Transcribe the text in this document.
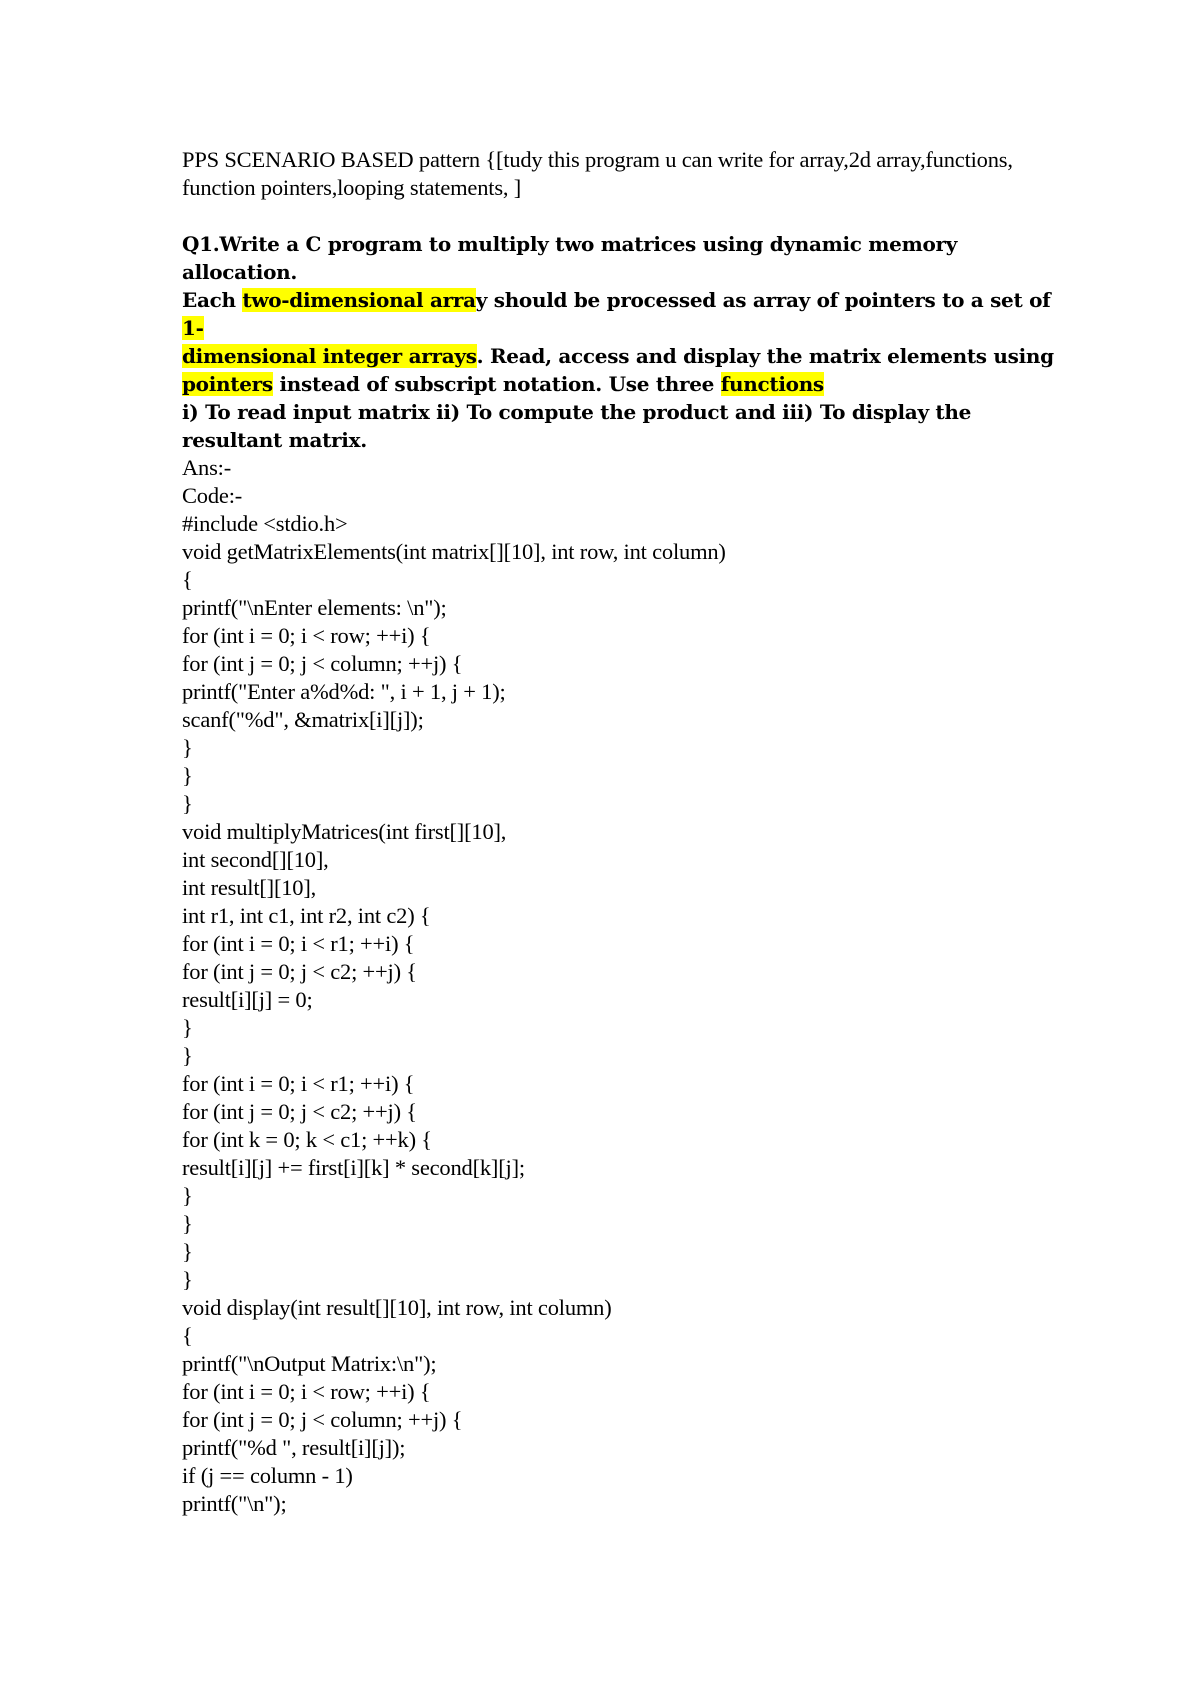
PPS SCENARIO BASED pattern {[tudy this program u can write for array,2d array,functions, function pointers,looping statements, ]

Q1.Write a C program to multiply two matrices using dynamic memory
allocation.
Each two-dimensional array should be processed as array of pointers to a set of
1-
dimensional integer arrays. Read, access and display the matrix elements using
pointers instead of subscript notation. Use three functions
i) To read input matrix ii) To compute the product and iii) To display the
resultant matrix.
Ans:-
Code:-
#include <stdio.h>
void getMatrixElements(int matrix[][10], int row, int column)
{
printf("\nEnter elements: \n");
for (int i = 0; i < row; ++i) {
for (int j = 0; j < column; ++j) {
printf("Enter a%d%d: ", i + 1, j + 1);
scanf("%d", &matrix[i][j]);
}
}
}
void multiplyMatrices(int first[][10],
int second[][10],
int result[][10],
int r1, int c1, int r2, int c2) {
for (int i = 0; i < r1; ++i) {
for (int j = 0; j < c2; ++j) {
result[i][j] = 0;
}
}
for (int i = 0; i < r1; ++i) {
for (int j = 0; j < c2; ++j) {
for (int k = 0; k < c1; ++k) {
result[i][j] += first[i][k] * second[k][j];
}
}
}
}
void display(int result[][10], int row, int column)
{
printf("\nOutput Matrix:\n");
for (int i = 0; i < row; ++i) {
for (int j = 0; j < column; ++j) {
printf("%d ", result[i][j]);
if (j == column - 1)
printf("\n");
